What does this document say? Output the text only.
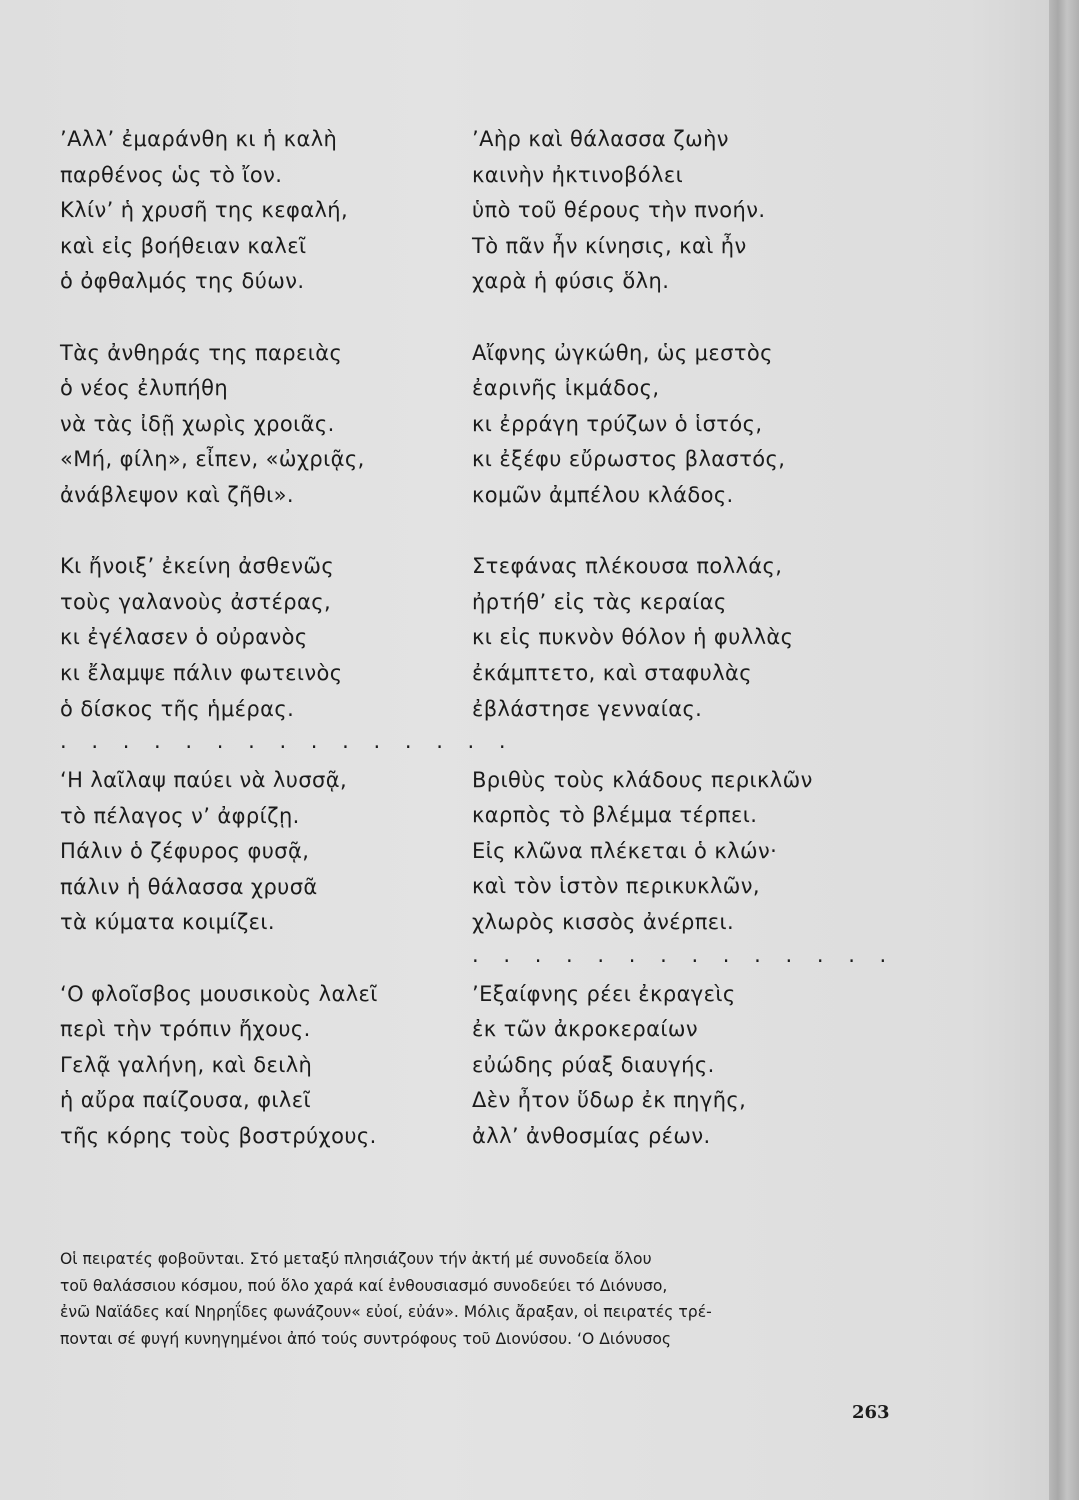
’Αλλ’ ἐμαράνθη κι ἡ καλὴ
παρθένος ὡς τὸ ἴον.
Κλίν’ ἡ χρυσῆ της κεφαλή,
καὶ εἰς βοήθειαν καλεῖ
ὁ ὀφθαλμός της δύων.
Τὰς ἀνθηράς της παρειὰς
ὁ νέος ἐλυπήθη
νὰ τὰς ἰδῇ χωρὶς χροιᾶς.
«Μή, φίλη», εἶπεν, «ὠχριᾷς,
ἀνάβλεψον καὶ ζῆθι».
Κι ἤνοιξ’ ἐκείνη ἀσθενῶς
τοὺς γαλανοὺς ἀστέρας,
κι ἐγέλασεν ὁ οὐρανὸς
κι ἔλαμψε πάλιν φωτεινὸς
ὁ δίσκος τῆς ἡμέρας.
. . . . . . . . . . . . . . .
‘Η λαῖλαψ παύει νὰ λυσσᾷ,
τὸ πέλαγος ν’ ἀφρίζῃ.
Πάλιν ὁ ζέφυρος φυσᾷ,
πάλιν ἡ θάλασσα χρυσᾶ
τὰ κύματα κοιμίζει.
‘Ο φλοῖσβος μουσικοὺς λαλεῖ
περὶ τὴν τρόπιν ἤχους.
Γελᾷ γαλήνη, καὶ δειλὴ
ἡ αὔρα παίζουσα, φιλεῖ
τῆς κόρης τοὺς βοστρύχους.
’Αὴρ καὶ θάλασσα ζωὴν
καινὴν ἠκτινοβόλει
ὑπὸ τοῦ θέρους τὴν πνοήν.
Τὸ πᾶν ἦν κίνησις, καὶ ἦν
χαρὰ ἡ φύσις ὅλη.
Αἴφνης ὠγκώθη, ὡς μεστὸς
ἐαρινῆς ἰκμάδος,
κι ἐρράγη τρύζων ὁ ἱστός,
κι ἐξέφυ εὔρωστος βλαστός,
κομῶν ἀμπέλου κλάδος.
Στεφάνας πλέκουσα πολλάς,
ἠρτήθ’ εἰς τὰς κεραίας
κι εἰς πυκνὸν θόλον ἡ φυλλὰς
ἐκάμπτετο, καὶ σταφυλὰς
ἐβλάστησε γενναίας.
Βριθὺς τοὺς κλάδους περικλῶν
καρπὸς τὸ βλέμμα τέρπει.
Εἰς κλῶνα πλέκεται ὁ κλών·
καὶ τὸν ἱστὸν περικυκλῶν,
χλωρὸς κισσὸς ἀνέρπει.
. . . . . . . . . . . . . .
’Εξαίφνης ρέει ἐκραγεὶς
ἐκ τῶν ἀκροκεραίων
εὐώδης ρύαξ διαυγής.
Δὲν ἦτον ὕδωρ ἐκ πηγῆς,
ἀλλ’ ἀνθοσμίας ρέων.
Οἱ πειρατές φοβοῦνται. Στό μεταξύ πλησιάζουν τήν ἀκτή μέ συνοδεία ὅλου
τοῦ θαλάσσιου κόσμου, πού ὅλο χαρά καί ἐνθουσιασμό συνοδεύει τό Διόνυσο,
ἐνῶ Ναϊάδες καί Νηρηΐδες φωνάζουν« εὐοί, εὐάν». Μόλις ἄραξαν, οἱ πειρατές τρέ-
πονται σέ φυγή κυνηγημένοι ἀπό τούς συντρόφους τοῦ Διονύσου. ‘Ο Διόνυσος
263
